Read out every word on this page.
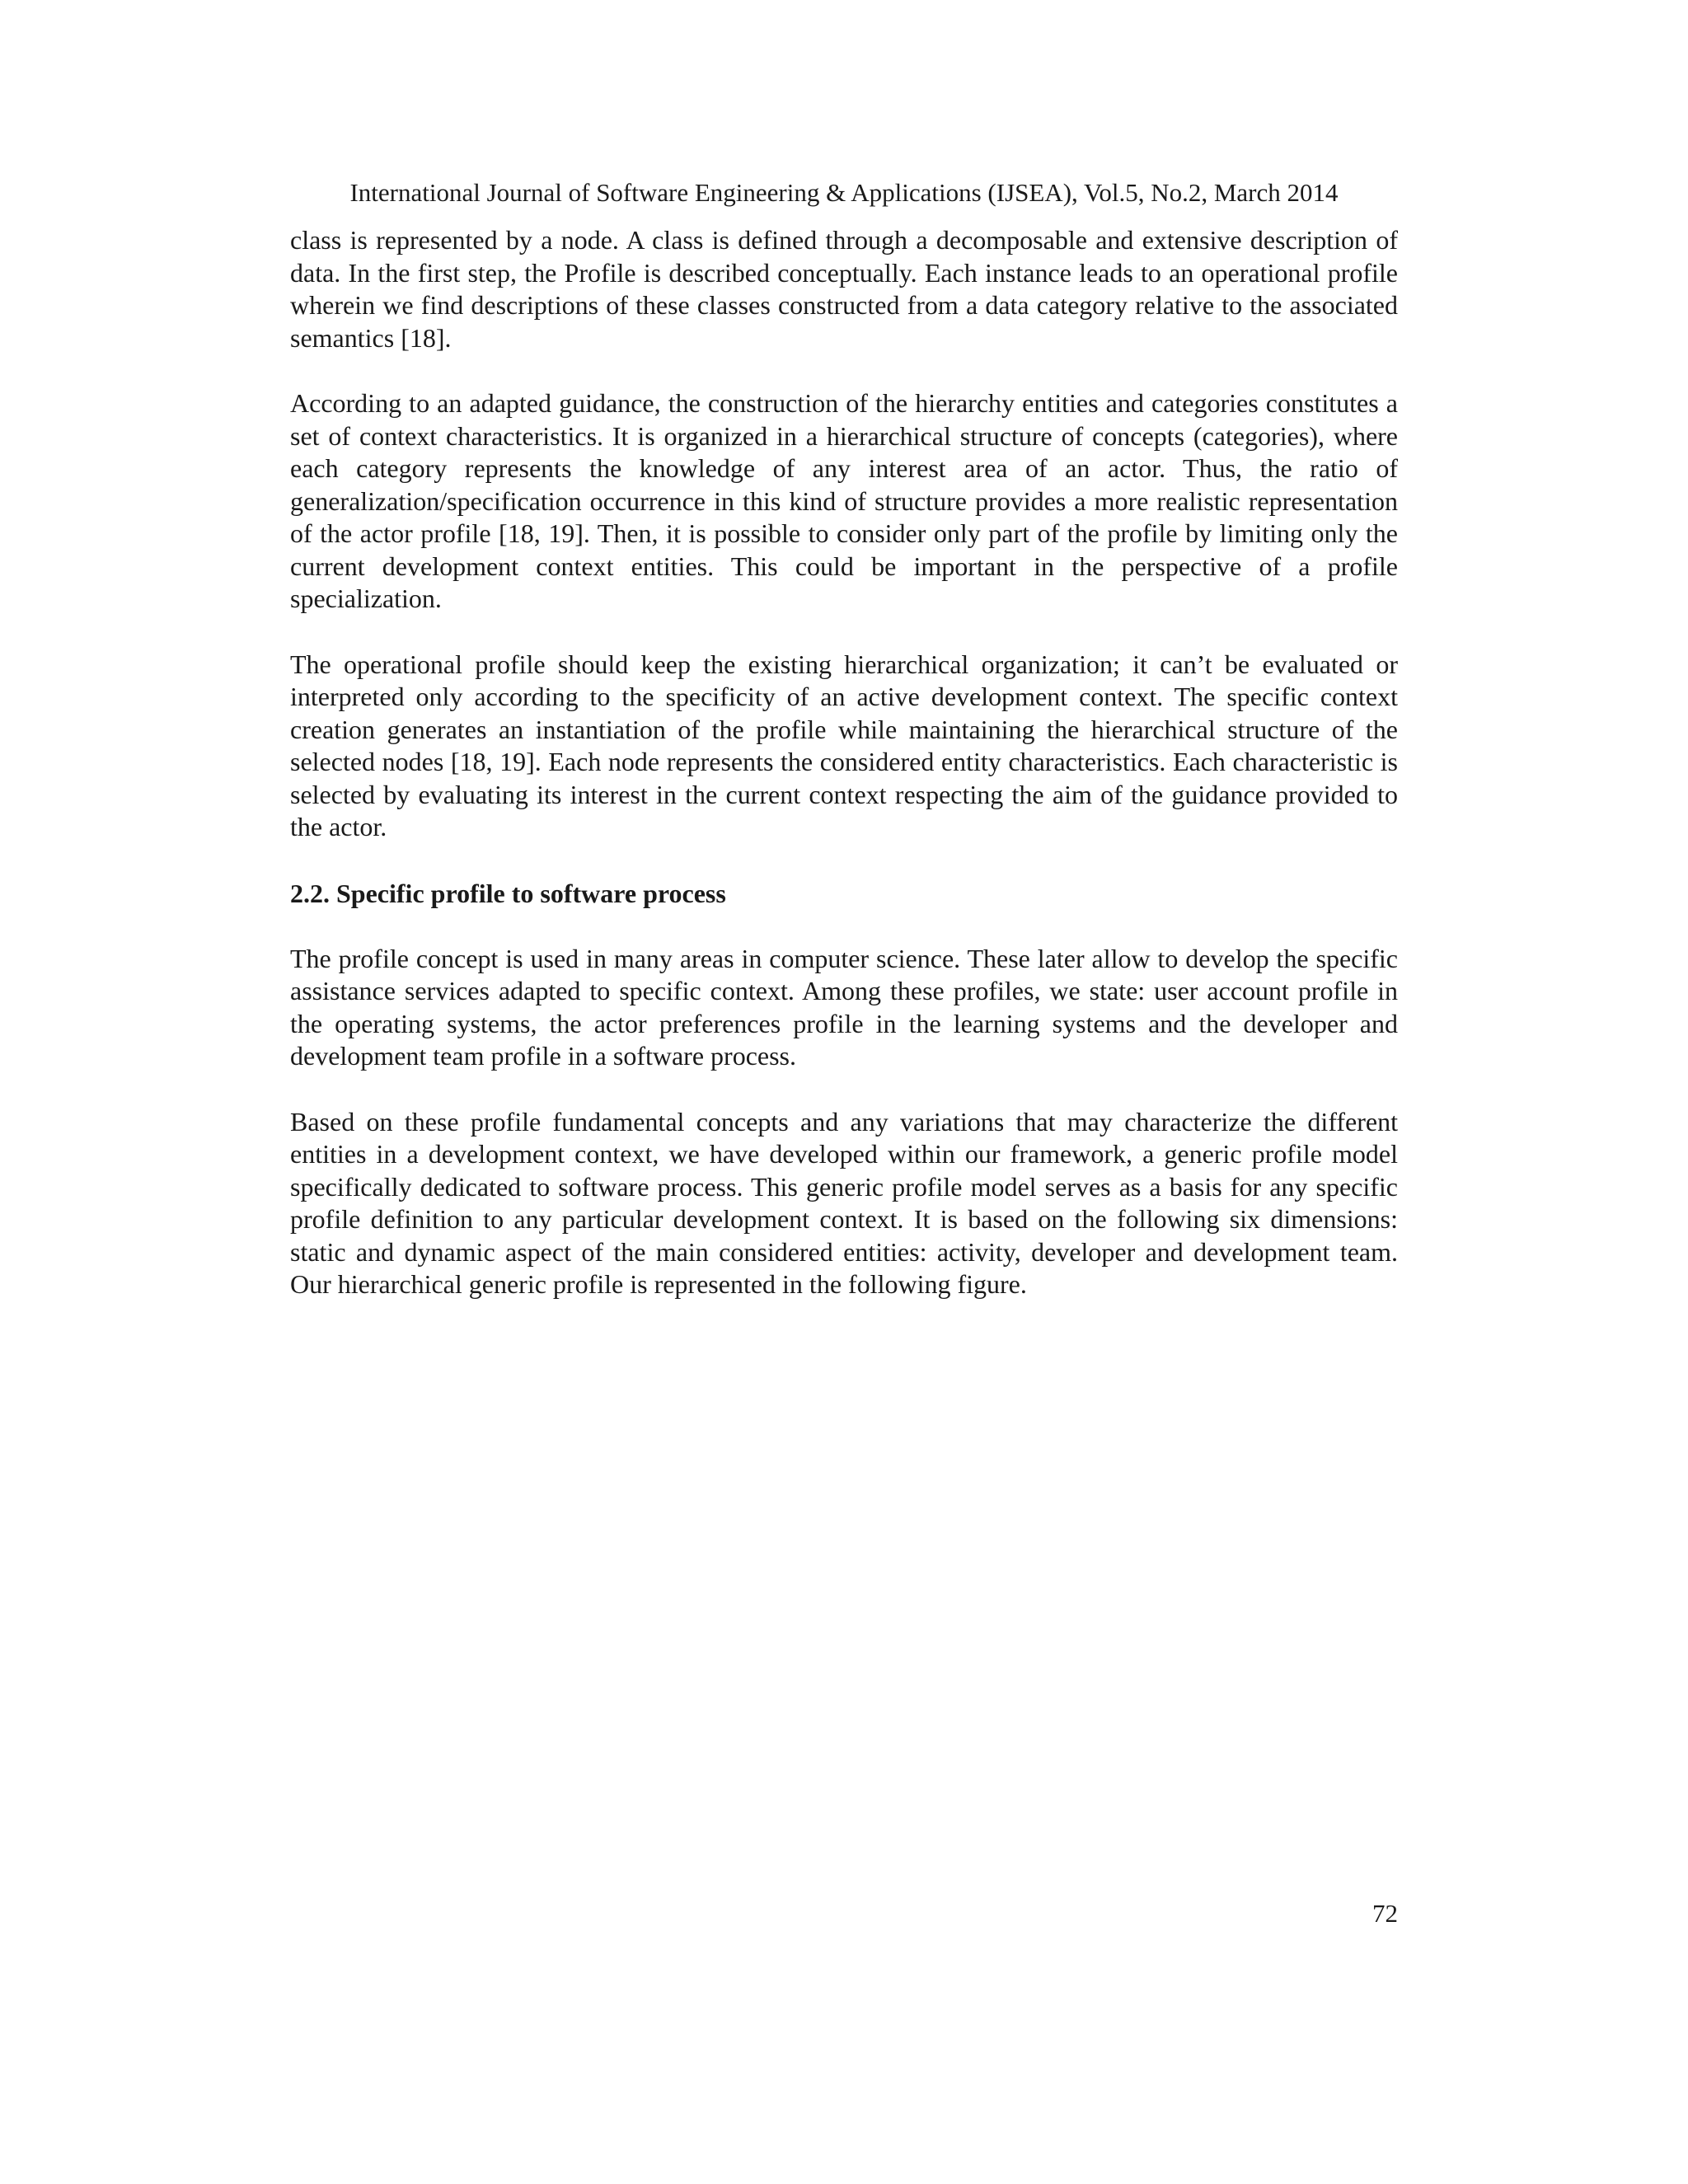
International Journal of Software Engineering & Applications (IJSEA), Vol.5, No.2, March 2014

class is represented by a node. A class is defined through a decomposable and extensive description of data. In the first step, the Profile is described conceptually. Each instance leads to an operational profile wherein we find descriptions of these classes constructed from a data category relative to the associated semantics [18].

According to an adapted guidance, the construction of the hierarchy entities and categories constitutes a set of context characteristics. It is organized in a hierarchical structure of concepts (categories), where each category represents the knowledge of any interest area of an actor. Thus, the ratio of generalization/specification occurrence in this kind of structure provides a more realistic representation of the actor profile [18, 19]. Then, it is possible to consider only part of the profile by limiting only the current development context entities. This could be important in the perspective of a profile specialization.

The operational profile should keep the existing hierarchical organization; it can’t be evaluated or interpreted only according to the specificity of an active development context. The specific context creation generates an instantiation of the profile while maintaining the hierarchical structure of the selected nodes [18, 19]. Each node represents the considered entity characteristics. Each characteristic is selected by evaluating its interest in the current context respecting the aim of the guidance provided to the actor.

2.2. Specific profile to software process

The profile concept is used in many areas in computer science. These later allow to develop the specific assistance services adapted to specific context. Among these profiles, we state: user account profile in the operating systems, the actor preferences profile in the learning systems and the developer and development team profile in a software process.

Based on these profile fundamental concepts and any variations that may characterize the different entities in a development context, we have developed within our framework, a generic profile model specifically dedicated to software process. This generic profile model serves as a basis for any specific profile definition to any particular development context. It is based on the following six dimensions: static and dynamic aspect of the main considered entities: activity, developer and development team. Our hierarchical generic profile is represented in the following figure.

72
